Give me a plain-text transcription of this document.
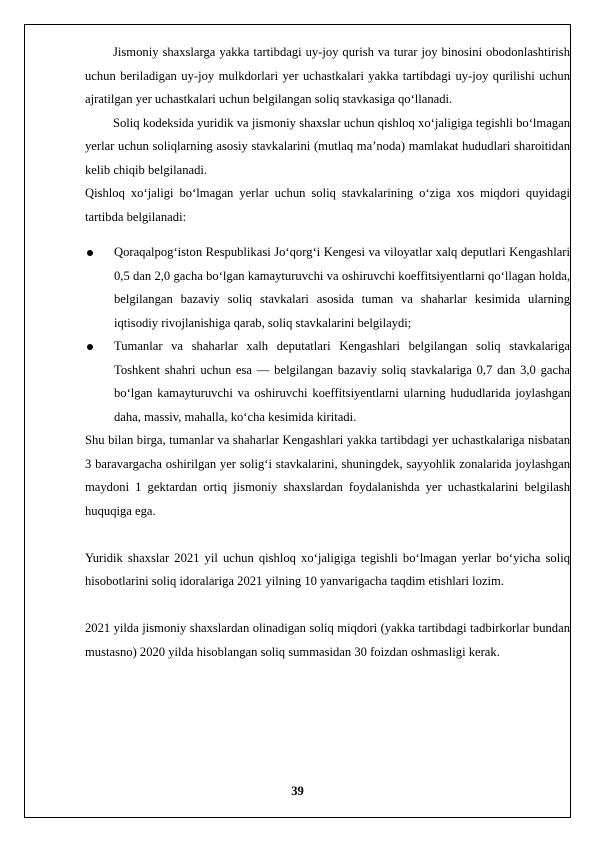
Jismoniy shaxslarga yakka tartibdagi uy-joy qurish va turar joy binosini obodonlashtirish uchun beriladigan uy-joy mulkdorlari yer uchastkalari yakka tartibdagi uy-joy qurilishi uchun ajratilgan yer uchastkalari uchun belgilangan soliq stavkasiga qo‘llanadi.

Soliq kodeksida yuridik va jismoniy shaxslar uchun qishloq xo‘jaligiga tegishli bo‘lmagan yerlar uchun soliqlarning asosiy stavkalarini (mutlaq ma’noda) mamlakat hududlari sharoitidan kelib chiqib belgilanadi.

Qishloq xo‘jaligi bo‘lmagan yerlar uchun soliq stavkalarining o‘ziga xos miqdori quyidagi tartibda belgilanadi:

Qoraqalpog‘iston Respublikasi Jo‘qorg‘i Kengesi va viloyatlar xalq deputlari Kengashlari 0,5 dan 2,0 gacha bo‘lgan kamayturuvchi va oshiruvchi koeffitsiyentlarni qo‘llagan holda, belgilangan bazaviy soliq stavkalari asosida tuman va shaharlar kesimida ularning iqtisodiy rivojlanishiga qarab, soliq stavkalarini belgilaydi;
Tumanlar va shaharlar xalh deputatlari Kengashlari belgilangan soliq stavkalariga Toshkent shahri uchun esa — belgilangan bazaviy soliq stavkalariga 0,7 dan 3,0 gacha bo‘lgan kamayturuvchi va oshiruvchi koeffitsiyentlarni ularning hududlarida joylashgan daha, massiv, mahalla, ko‘cha kesimida kiritadi.

Shu bilan birga, tumanlar va shaharlar Kengashlari yakka tartibdagi yer uchastkalariga nisbatan 3 baravargacha oshirilgan yer solig‘i stavkalarini, shuningdek, sayyohlik zonalarida joylashgan maydoni 1 gektardan ortiq jismoniy shaxslardan foydalanishda yer uchastkalarini belgilash huquqiga ega.

Yuridik shaxslar 2021 yil uchun qishloq xo‘jaligiga tegishli bo‘lmagan yerlar bo‘yicha soliq hisobotlarini soliq idoralariga 2021 yilning 10 yanvarigacha taqdim etishlari lozim.

2021 yilda jismoniy shaxslardan olinadigan soliq miqdori (yakka tartibdagi tadbirkorlar bundan mustasno) 2020 yilda hisoblangan soliq summasidan 30 foizdan oshmasligi kerak.

39
